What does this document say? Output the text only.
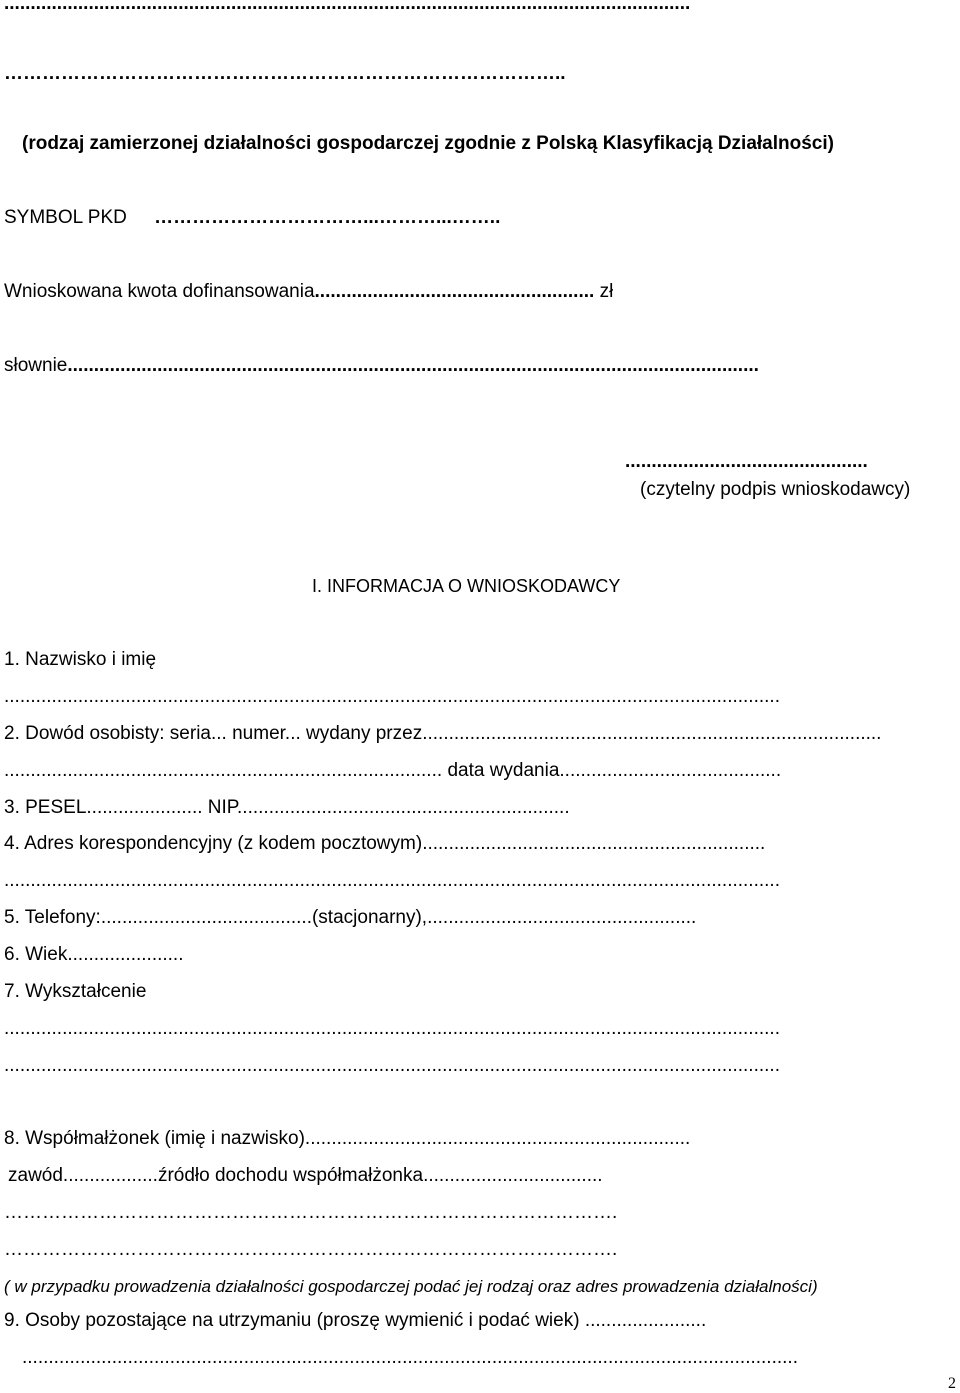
..................................................................................................................................
……………………………………………………………………………..
(rodzaj zamierzonej działalności gospodarczej zgodnie z Polską Klasyfikacją Działalności)
SYMBOL PKD ……………………………...………...……..
Wnioskowana kwota dofinansowania..................................................... zł
słownie...................................................................................................................................
..............................................
(czytelny podpis wnioskodawcy)
I. INFORMACJA O WNIOSKODAWCY
1. Nazwisko i imię
...................................................................................................................................................
2. Dowód osobisty: seria... numer... wydany przez.......................................................................................
................................................................................... data wydania..........................................
3. PESEL...................... NIP...............................................................
4. Adres korespondencyjny (z kodem pocztowym).................................................................
...................................................................................................................................................
5. Telefony:........................................(stacjonarny),...................................................
6. Wiek......................
7. Wykształcenie
...................................................................................................................................................
...................................................................................................................................................
8. Współmałżonek (imię i nazwisko).........................................................................
zawód..................źródło dochodu współmałżonka..................................
…………………………………………………………………………………….
…………………………………………………………………………………….
( w przypadku prowadzenia działalności gospodarczej podać jej rodzaj oraz adres prowadzenia działalności)
9. Osoby pozostające na utrzymaniu (proszę wymienić i podać wiek) .......................
...................................................................................................................................................
2
